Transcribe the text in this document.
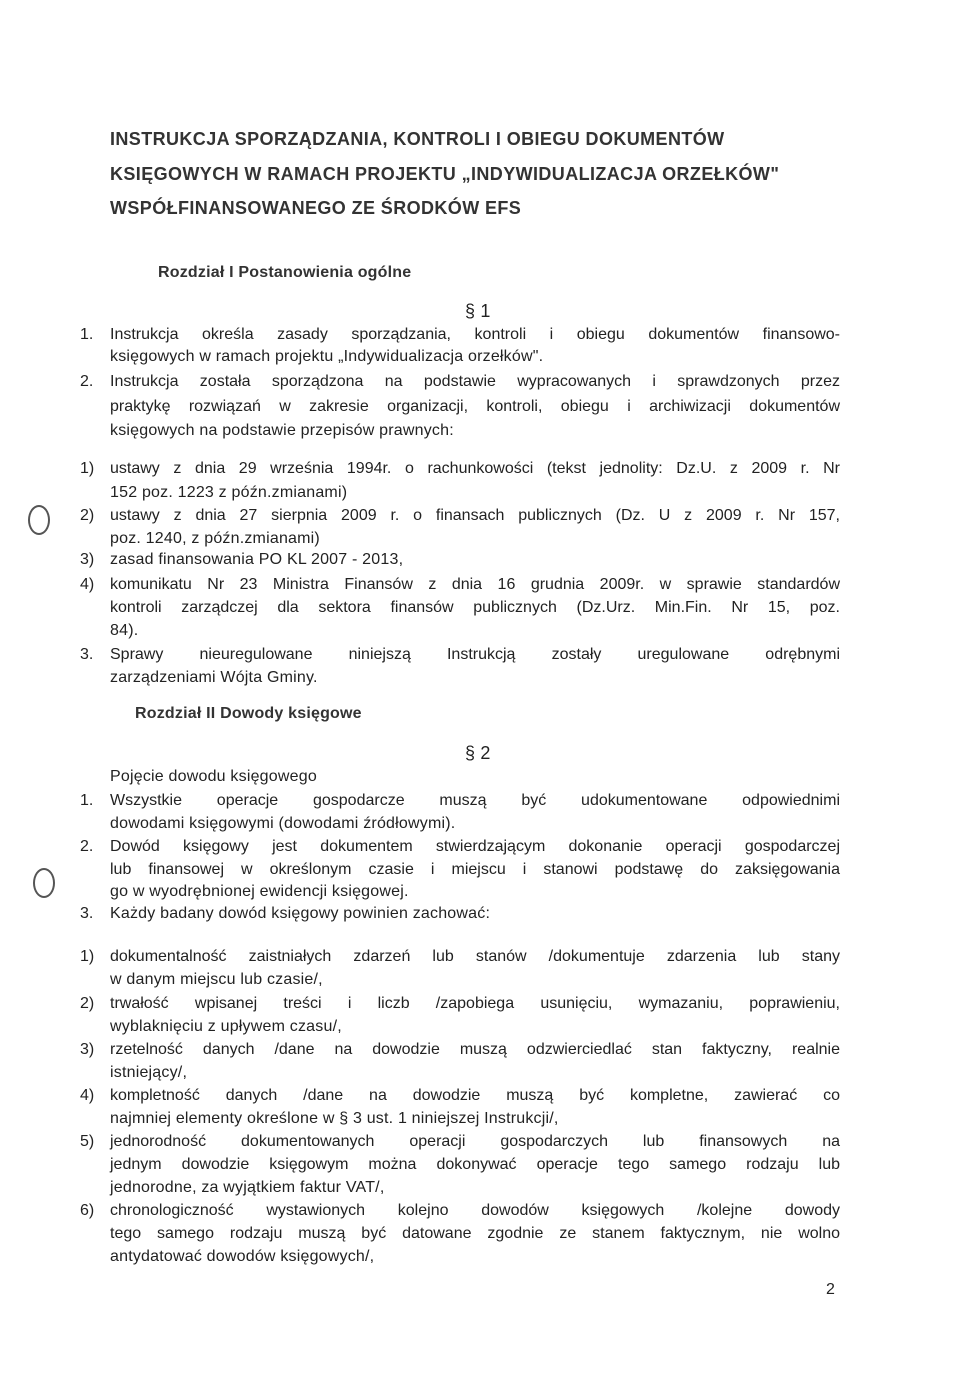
INSTRUKCJA SPORZĄDZANIA, KONTROLI I OBIEGU DOKUMENTÓW

KSIĘGOWYCH W RAMACH PROJEKTU „INDYWIDUALIZACJA ORZEŁKÓW"

WSPÓŁFINANSOWANEGO ZE ŚRODKÓW EFS

Rozdział I Postanowienia ogólne

§ 1

1. Instrukcja określa zasady sporządzania, kontroli i obiegu dokumentów finansowo-
księgowych w ramach projektu „Indywidualizacja orzełków".
2. Instrukcja została sporządzona na podstawie wypracowanych i sprawdzonych przez
praktykę rozwiązań w zakresie organizacji, kontroli, obiegu i archiwizacji dokumentów
księgowych na podstawie przepisów prawnych:
1) ustawy z dnia 29 września 1994r. o rachunkowości (tekst jednolity: Dz.U. z 2009 r. Nr
152 poz. 1223 z późn.zmianami)
2) ustawy z dnia 27 sierpnia 2009 r. o finansach publicznych (Dz. U z 2009 r. Nr 157,
poz. 1240, z późn.zmianami)
3) zasad finansowania PO KL 2007 - 2013,
4) komunikatu Nr 23 Ministra Finansów z dnia 16 grudnia 2009r. w sprawie standardów
kontroli zarządczej dla sektora finansów publicznych (Dz.Urz. Min.Fin. Nr 15, poz.
84).
3. Sprawy nieuregulowane niniejszą Instrukcją zostały uregulowane odrębnymi
zarządzeniami Wójta Gminy.

Rozdział II Dowody księgowe

§ 2

Pojęcie dowodu księgowego

1. Wszystkie operacje gospodarcze muszą być udokumentowane odpowiednimi
dowodami księgowymi (dowodami źródłowymi).
2. Dowód księgowy jest dokumentem stwierdzającym dokonanie operacji gospodarczej
lub finansowej w określonym czasie i miejscu i stanowi podstawę do zaksięgowania
go w wyodrębnionej ewidencji księgowej.
3. Każdy badany dowód księgowy powinien zachować:
1) dokumentalność zaistniałych zdarzeń lub stanów /dokumentuje zdarzenia lub stany
w danym miejscu lub czasie/,
2) trwałość wpisanej treści i liczb /zapobiega usunięciu, wymazaniu, poprawieniu,
wyblaknięciu z upływem czasu/,
3) rzetelność danych /dane na dowodzie muszą odzwierciedlać stan faktyczny, realnie
istniejący/,
4) kompletność danych /dane na dowodzie muszą być kompletne, zawierać co
najmniej elementy określone w § 3 ust. 1 niniejszej Instrukcji/,
5) jednorodność dokumentowanych operacji gospodarczych lub finansowych na
jednym dowodzie księgowym można dokonywać operacje tego samego rodzaju lub
jednorodne, za wyjątkiem faktur VAT/,
6) chronologiczność wystawionych kolejno dowodów księgowych /kolejne dowody
tego samego rodzaju muszą być datowane zgodnie ze stanem faktycznym, nie wolno
antydatować dowodów księgowych/,
2
